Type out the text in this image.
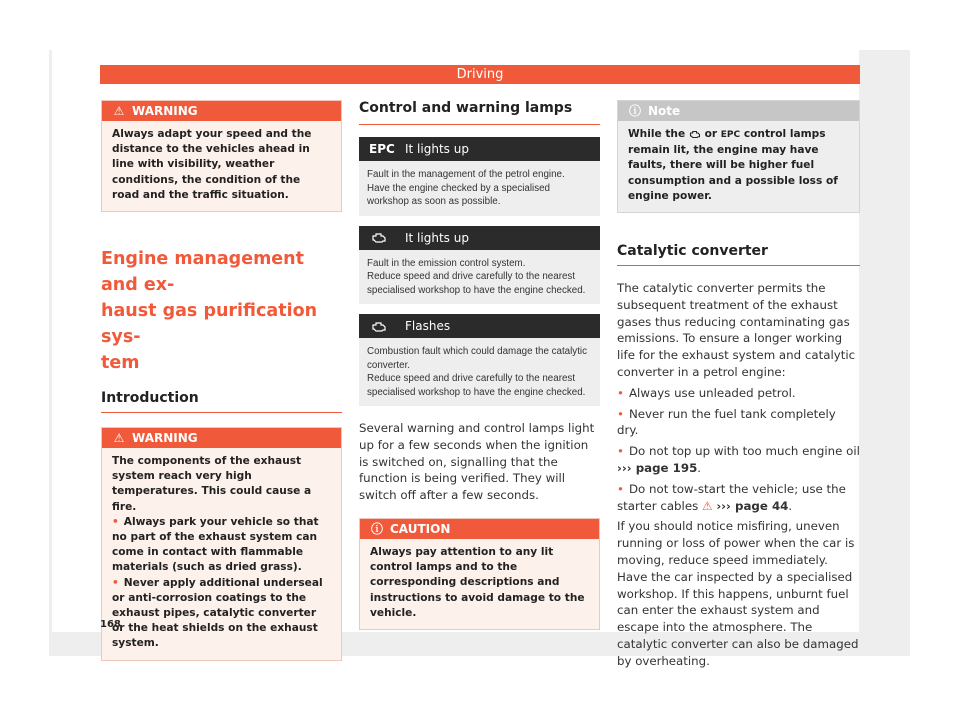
Driving
⚠ WARNING
Always adapt your speed and the distance to the vehicles ahead in line with visibility, weather conditions, the condition of the road and the traffic situation.
Engine management and ex-
haust gas purification sys-
tem
Introduction
⚠ WARNING
The components of the exhaust system reach very high temperatures. This could cause a fire.
• Always park your vehicle so that no part of the exhaust system can come in contact with flammable materials (such as dried grass).
• Never apply additional underseal or anti-corrosion coatings to the exhaust pipes, catalytic converter or the heat shields on the exhaust system.
Control and warning lamps
EPC It lights up
Fault in the management of the petrol engine.
Have the engine checked by a specialised workshop as soon as possible.
It lights up
Fault in the emission control system.
Reduce speed and drive carefully to the nearest specialised workshop to have the engine checked.
Flashes
Combustion fault which could damage the catalytic converter.
Reduce speed and drive carefully to the nearest specialised workshop to have the engine checked.
Several warning and control lamps light up for a few seconds when the ignition is switched on, signalling that the function is being verified. They will switch off after a few seconds.
ⓘ CAUTION
Always pay attention to any lit control lamps and to the corresponding descriptions and instructions to avoid damage to the vehicle.
ⓘ Note
While the or EPC control lamps remain lit, the engine may have faults, there will be higher fuel consumption and a possible loss of engine power.
Catalytic converter

The catalytic converter permits the subsequent treatment of the exhaust gases thus reducing contaminating gas emissions. To ensure a longer working life for the exhaust system and catalytic converter in a petrol engine:

• Always use unleaded petrol.
• Never run the fuel tank completely dry.
• Do not top up with too much engine oil
››› page 195.
• Do not tow-start the vehicle; use the starter cables ⚠ ››› page 44.

If you should notice misfiring, uneven running or loss of power when the car is moving, reduce speed immediately. Have the car inspected by a specialised workshop. If this happens, unburnt fuel can enter the exhaust system and escape into the atmosphere. The catalytic converter can also be damaged by overheating.

168
